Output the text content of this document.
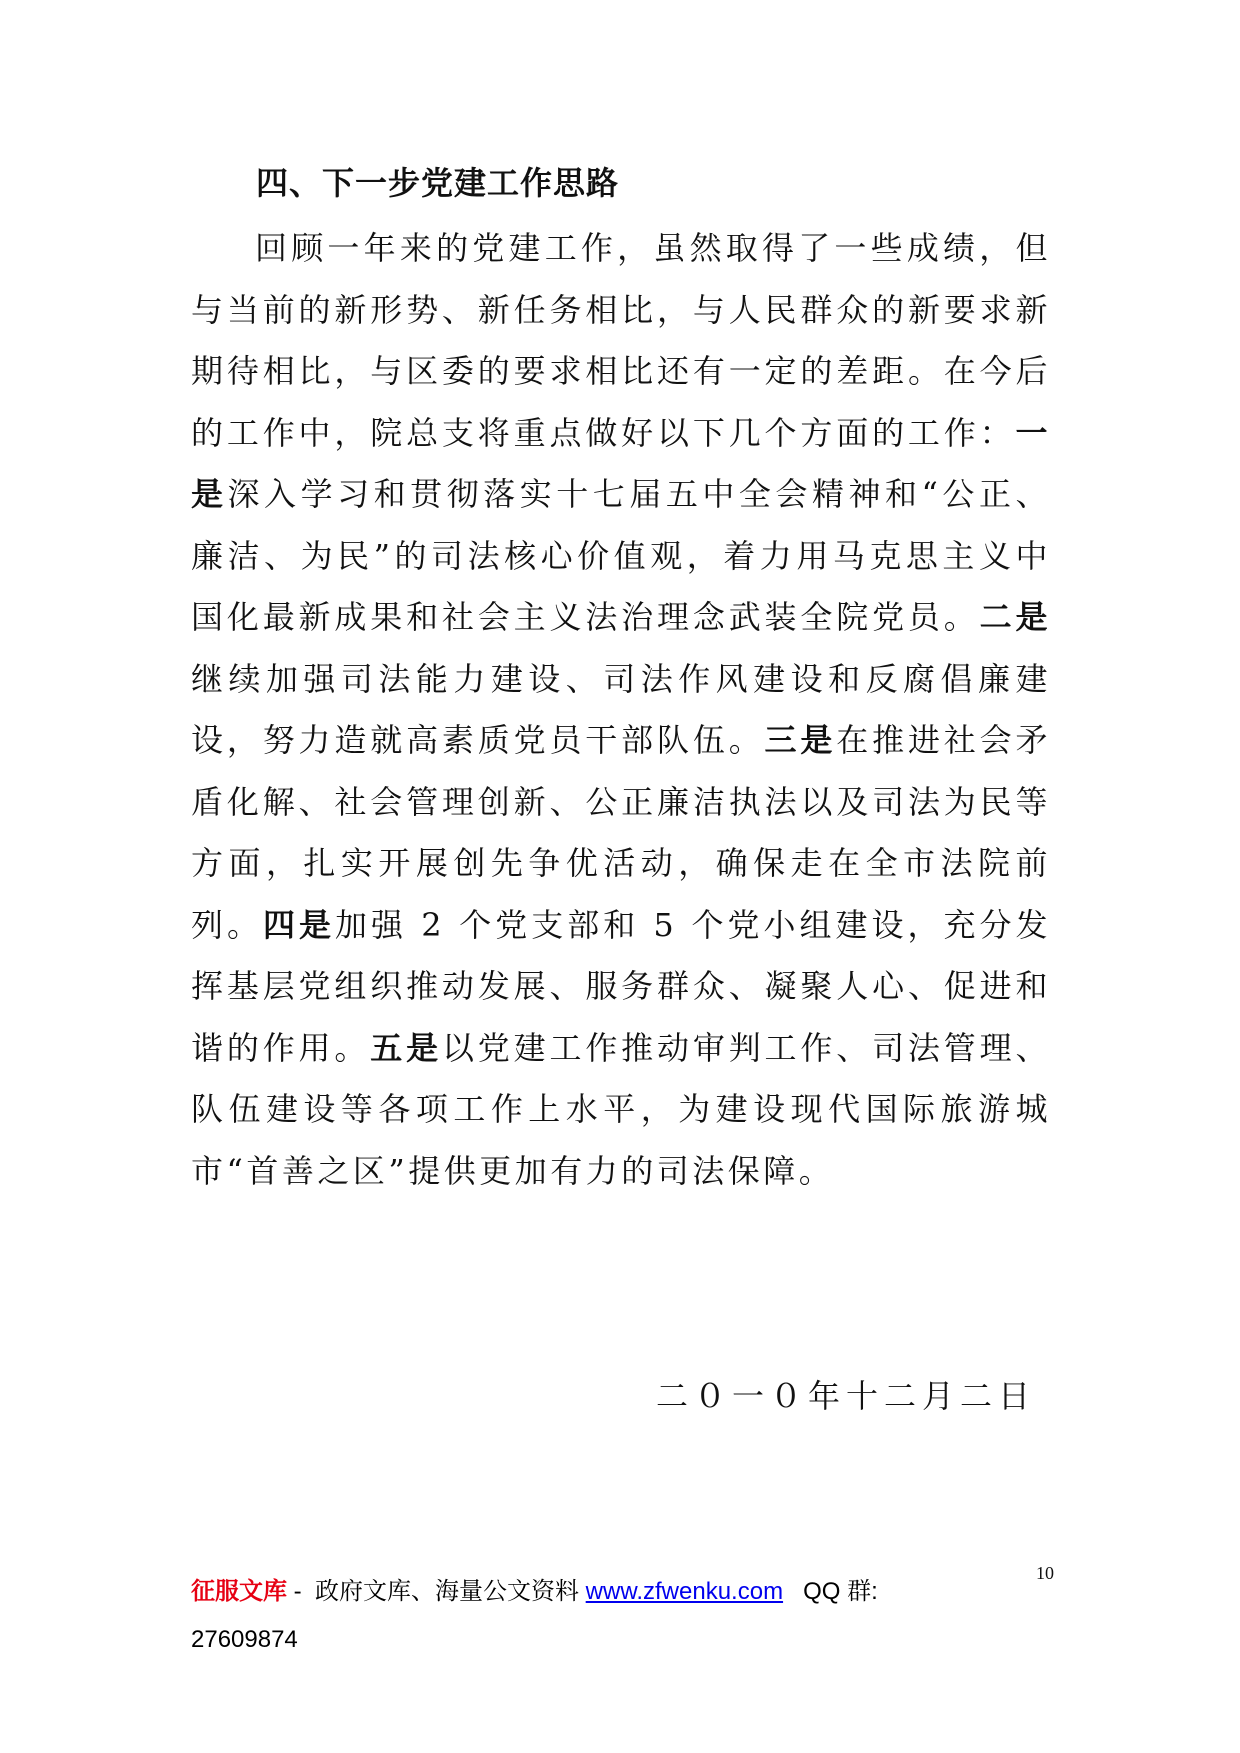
四、下一步党建工作思路

回顾一年来的党建工作，虽然取得了一些成绩，但与当前的新形势、新任务相比，与人民群众的新要求新期待相比，与区委的要求相比还有一定的差距。在今后的工作中，院总支将重点做好以下几个方面的工作：一是深入学习和贯彻落实十七届五中全会精神和“公正、廉洁、为民”的司法核心价值观，着力用马克思主义中国化最新成果和社会主义法治理念武装全院党员。二是继续加强司法能力建设、司法作风建设和反腐倡廉建设，努力造就高素质党员干部队伍。三是在推进社会矛盾化解、社会管理创新、公正廉洁执法以及司法为民等方面，扎实开展创先争优活动，确保走在全市法院前列。四是加强 2 个党支部和 5 个党小组建设，充分发挥基层党组织推动发展、服务群众、凝聚人心、促进和谐的作用。五是以党建工作推动审判工作、司法管理、队伍建设等各项工作上水平，为建设现代国际旅游城市“首善之区”提供更加有力的司法保障。

二０一０年十二月二日

10
征服文库 -  政府文库、海量公文资料 www.zfwenku.com QQ 群:
27609874
